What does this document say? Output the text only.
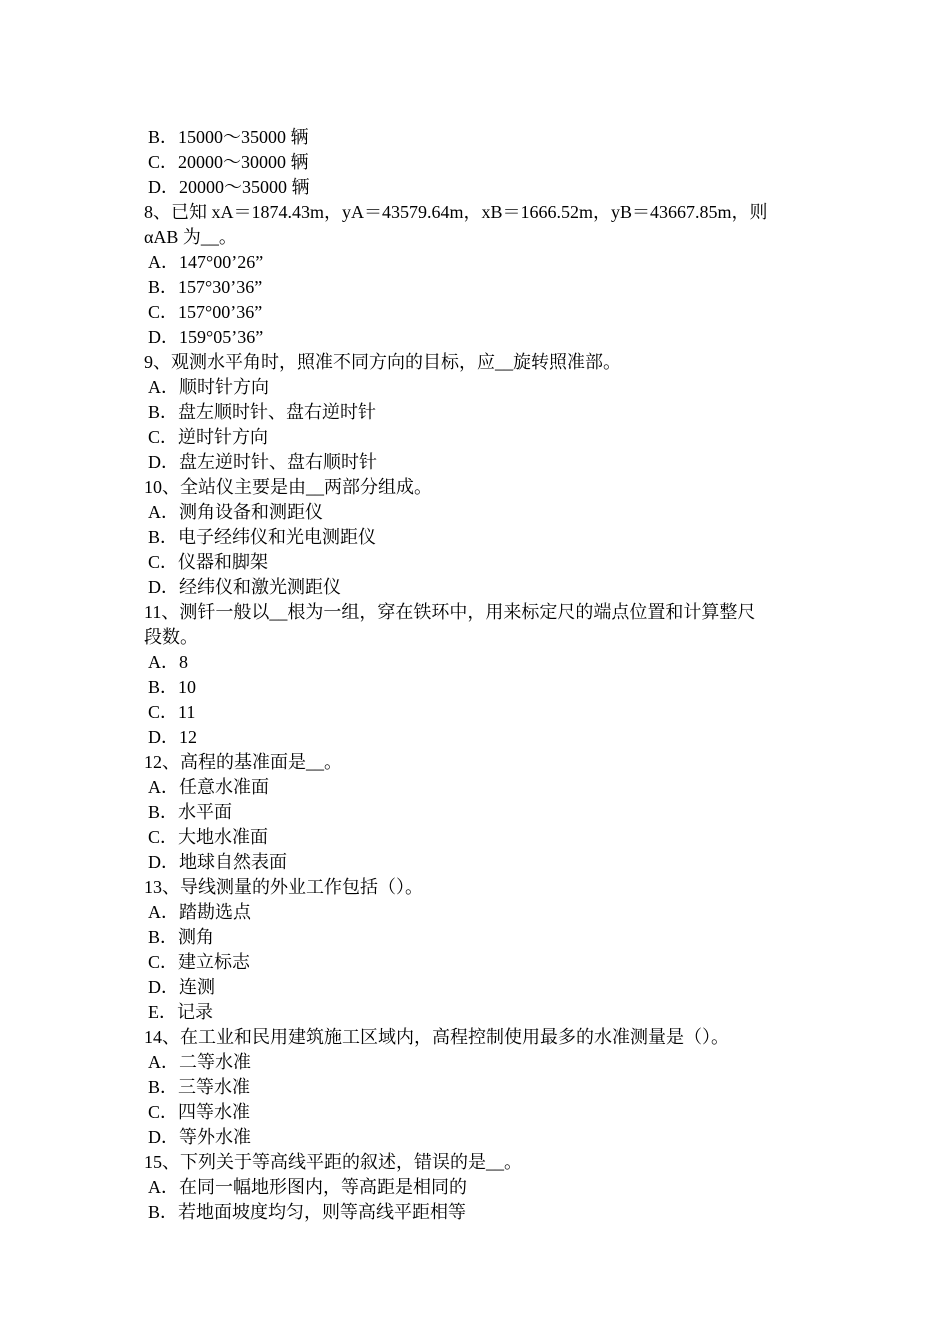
B．15000～35000 辆
C．20000～30000 辆
D．20000～35000 辆
8、已知 xA＝1874.43m，yA＝43579.64m，xB＝1666.52m，yB＝43667.85m，则
αAB 为__。
A．147°00’26”
B．157°30’36”
C．157°00’36”
D．159°05’36”
9、观测水平角时，照准不同方向的目标，应__旋转照准部。
A．顺时针方向
B．盘左顺时针、盘右逆时针
C．逆时针方向
D．盘左逆时针、盘右顺时针
10、全站仪主要是由__两部分组成。
A．测角设备和测距仪
B．电子经纬仪和光电测距仪
C．仪器和脚架
D．经纬仪和激光测距仪
11、测钎一般以__根为一组，穿在铁环中，用来标定尺的端点位置和计算整尺
段数。
A．8
B．10
C．11
D．12
12、高程的基准面是__。
A．任意水准面
B．水平面
C．大地水准面
D．地球自然表面
13、导线测量的外业工作包括（）。
A．踏勘选点
B．测角
C．建立标志
D．连测
E．记录
14、在工业和民用建筑施工区域内，高程控制使用最多的水准测量是（）。
A．二等水准
B．三等水准
C．四等水准
D．等外水准
15、下列关于等高线平距的叙述，错误的是__。
A．在同一幅地形图内，等高距是相同的
B．若地面坡度均匀，则等高线平距相等
